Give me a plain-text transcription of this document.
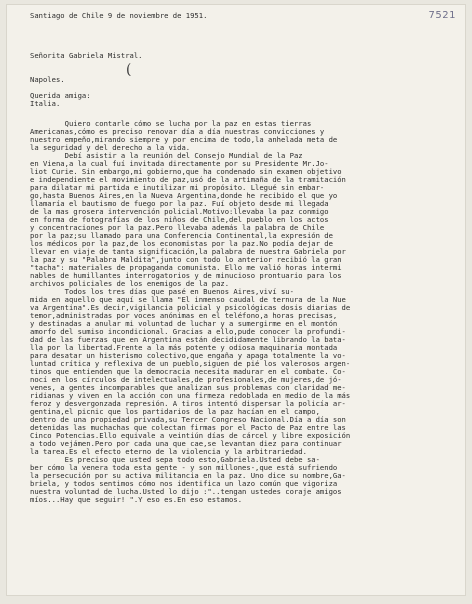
7521
Santiago de Chile 9 de noviembre de 1951.

Señorita Gabriela Mistral.

Napoles.

Italia.

(
Querida amiga:

Quiero contarle cómo se lucha por la paz en estas tierras

Americanas,cómo es preciso renovar día a día nuestras convicciones y

nuestro empeño,mirando siempre y por encima de todo,la anhelada meta de

la seguridad y del derecho a la vida.

Debí asistir a la reunión del Consejo Mundial de la Paz

en Viena,a la cual fuí invitada directamente por su Presidente Mr.Jo-

liot Curie. Sin embargo,mi gobierno,que ha condenado sin examen objetivo

e independiente el movimiento de paz,usó de la artimaña de la tramitación

para dilatar mi partida e inutilizar mi propósito. Llegué sin embar-

go,hasta Buenos Aires,en la Nueva Argentina,donde he recibido el que yo

llamaría el bautismo de fuego por la paz. Fuí objeto desde mi llegada

de la mas grosera intervención policial.Motivo:llevaba la paz conmigo

en forma de fotografías de los niños de Chile,del pueblo en los actos

y concentraciones por la paz.Pero llevaba además la palabra de Chile

por la paz;su llamado para una Conferencia Continental,la expresión de

los médicos por la paz,de los economistas por la paz.No podía dejar de

llevar en viaje de tanta significación,la palabra de nuestra Gabriela por

la paz y su "Palabra Maldita",junto con todo lo anterior recibió la gran

"tacha": materiales de propaganda comunista. Ello me valió horas intermi

nables de humillantes interrogatorios y de minucioso prontuario para los

archivos policiales de los enemigos de la paz.

Todos los tres días que pasé en Buenos Aires,viví su-

mida en aquello que aquí se llama "El inmenso caudal de ternura de la Nue

va Argentina".Es decir,vigilancia policial y psicológicas dosis diarias de

temor,administradas por voces anónimas en el teléfono,a horas precisas,

y destinadas a anular mi voluntad de luchar y a sumergirme en el montón

amorfo del sumiso incondicional. Gracias a ello,pude conocer la profundi-

dad de las fuerzas que en Argentina están decididamente librando la bata-

lla por la libertad.Frente a la más potente y odiosa maquinaria montada

para desatar un histerismo colectivo,que engaña y apaga totalmente la vo-

luntad crítica y reflexiva de un pueblo,siguen de pié los valerosos argen-

tinos que entienden que la democracia necesita madurar en el combate. Co-

nocí en los círculos de intelectuales,de profesionales,de mujeres,de jó-

venes, a gentes incomparables que analizan sus problemas con claridad me-

ridianas y viven en la acción con una firmeza redoblada en medio de la más

feroz y desvergonzada represión. A tiros intentó dispersar la policía ar-

gentina,el picnic que los partidarios de la paz hacían en el campo,

dentro de una propiedad privada,su Tercer Congreso Nacional.Día a día son

detenidas las muchachas que colectan firmas por el Pacto de Paz entre las

Cinco Potencias.Ello equivale a veintiún días de cárcel y libre exposición

a todo vejámen.Pero por cada una que cae,se levantan diez para continuar

la tarea.Es el efecto eterno de la violencia y la arbitrariedad.

Es preciso que usted sepa todo esto,Gabriela.Usted debe sa-

ber cómo la venera toda esta gente - y son millones-,que está sufriendo

la persecución por su activa militancia en la paz. Uno dice su nombre,Ga-

briela, y todos sentimos cómo nos identifica un lazo común que vigoriza

nuestra voluntad de lucha.Usted lo dijo :"..tengan ustedes coraje amigos

míos...Hay que seguir! ".Y eso es.En eso estamos.
